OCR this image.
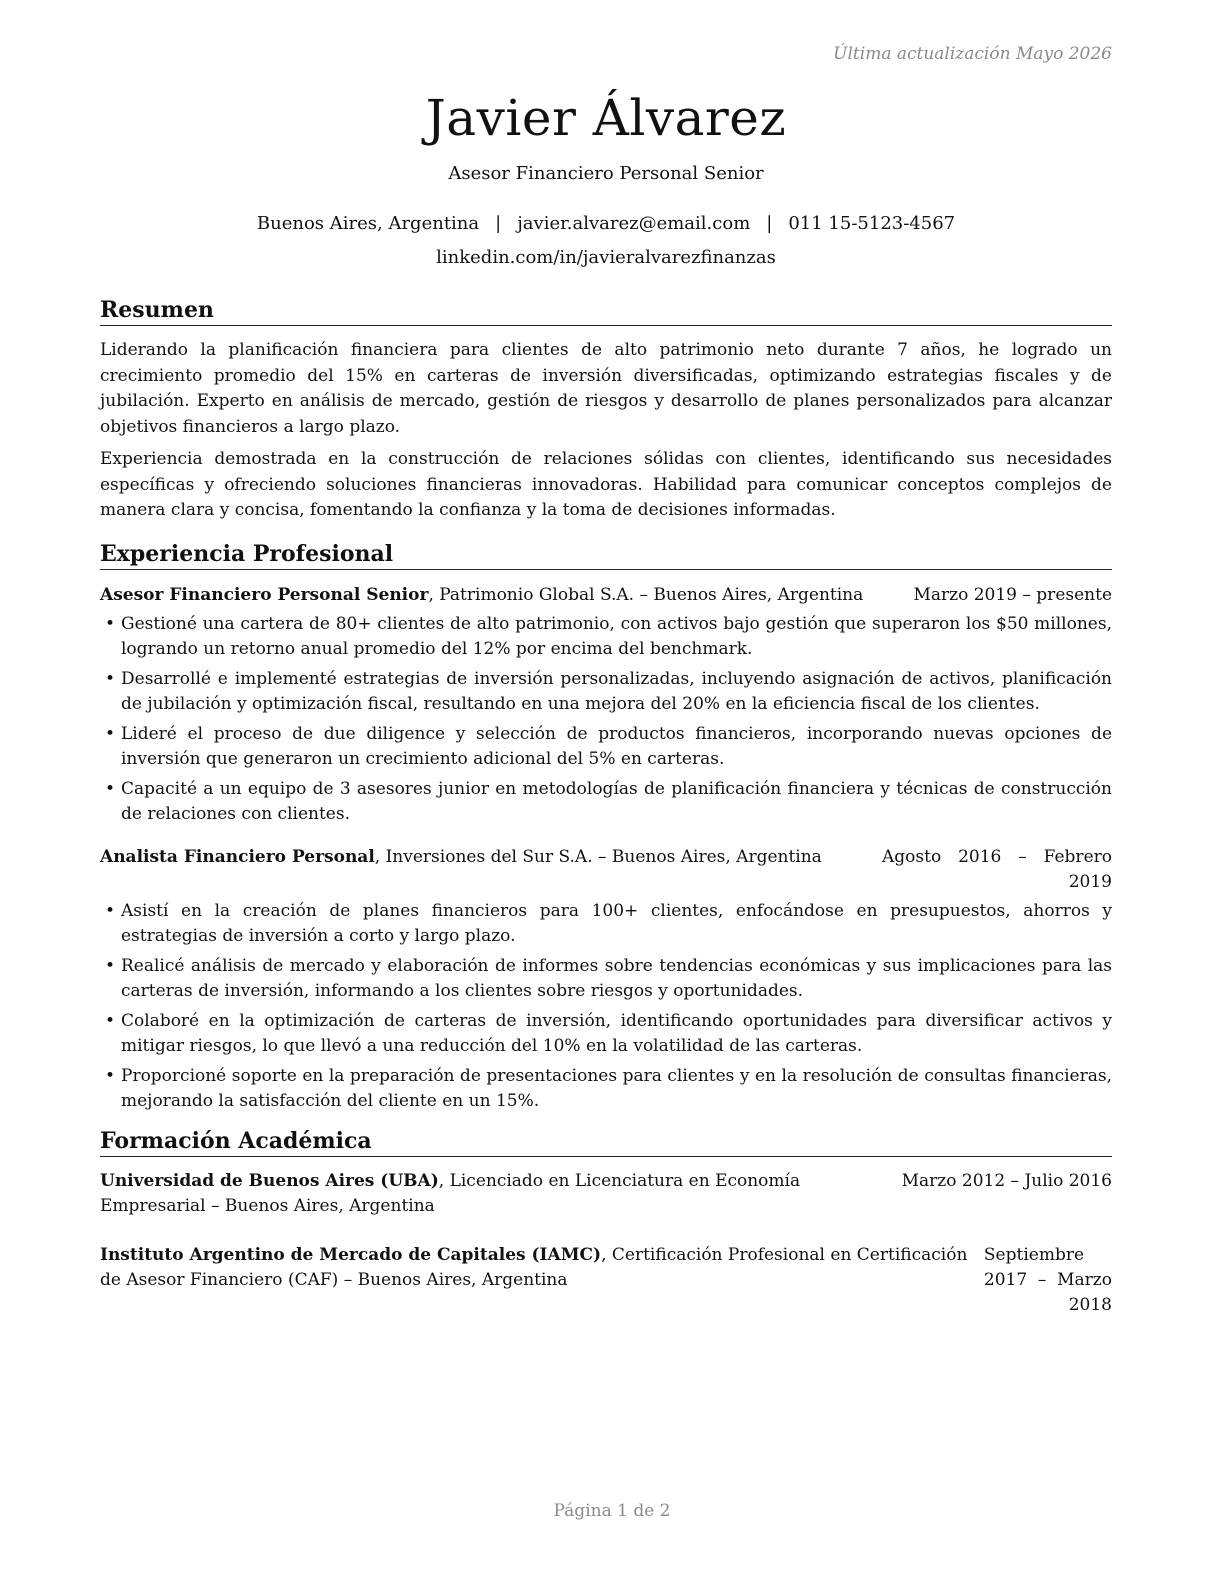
Última actualización Mayo 2026
Javier Álvarez
Asesor Financiero Personal Senior
Buenos Aires, Argentina | javier.alvarez@email.com | 011 15-5123-4567
linkedin.com/in/javieralvarezfinanzas
Resumen

Liderando la planificación financiera para clientes de alto patrimonio neto durante 7 años, he logrado un crecimiento promedio del 15% en carteras de inversión diversificadas, optimizando estrategias fiscales y de jubilación. Experto en análisis de mercado, gestión de riesgos y desarrollo de planes personalizados para alcanzar objetivos financieros a largo plazo.

Experiencia demostrada en la construcción de relaciones sólidas con clientes, identificando sus necesidades específicas y ofreciendo soluciones financieras innovadoras. Habilidad para comunicar conceptos complejos de manera clara y concisa, fomentando la confianza y la toma de decisiones informadas.

Experiencia Profesional
Asesor Financiero Personal Senior, Patrimonio Global S.A. – Buenos Aires, Argentina	Marzo 2019 – presente
• Gestioné una cartera de 80+ clientes de alto patrimonio, con activos bajo gestión que superaron los $50 millones, logrando un retorno anual promedio del 12% por encima del benchmark.
• Desarrollé e implementé estrategias de inversión personalizadas, incluyendo asignación de activos, planificación de jubilación y optimización fiscal, resultando en una mejora del 20% en la eficiencia fiscal de los clientes.
• Lideré el proceso de due diligence y selección de productos financieros, incorporando nuevas opciones de inversión que generaron un crecimiento adicional del 5% en carteras.
• Capacité a un equipo de 3 asesores junior en metodologías de planificación financiera y técnicas de construcción de relaciones con clientes.
Analista Financiero Personal, Inversiones del Sur S.A. – Buenos Aires, Argentina	Agosto 2016 – Febrero 2019
• Asistí en la creación de planes financieros para 100+ clientes, enfocándose en presupuestos, ahorros y estrategias de inversión a corto y largo plazo.
• Realicé análisis de mercado y elaboración de informes sobre tendencias económicas y sus implicaciones para las carteras de inversión, informando a los clientes sobre riesgos y oportunidades.
• Colaboré en la optimización de carteras de inversión, identificando oportunidades para diversificar activos y mitigar riesgos, lo que llevó a una reducción del 10% en la volatilidad de las carteras.
• Proporcioné soporte en la preparación de presentaciones para clientes y en la resolución de consultas financieras, mejorando la satisfacción del cliente en un 15%.
Formación Académica
Universidad de Buenos Aires (UBA), Licenciado en Licenciatura en Economía Empresarial – Buenos Aires, Argentina
Marzo 2012 – Julio 2016
Instituto Argentino de Mercado de Capitales (IAMC), Certificación Profesional en Certificación de Asesor Financiero (CAF) – Buenos Aires, Argentina
Septiembre 2017 – Marzo 2018
Página 1 de 2
